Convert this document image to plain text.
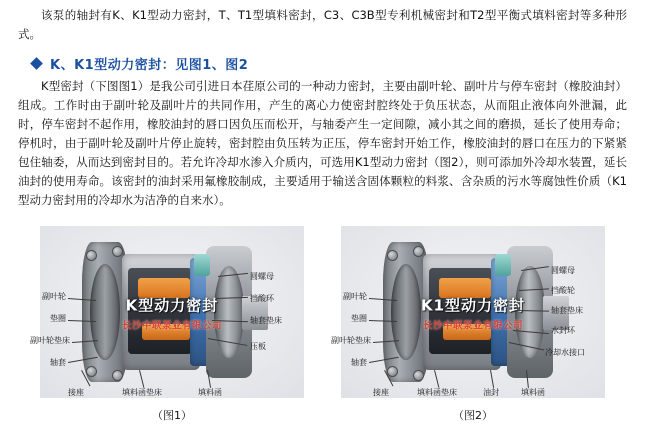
该泵的轴封有K、K1型动力密封，T、T1型填料密封，C3、C3B型专利机械密封和T2型平衡式填料密封等多种形式。

K、K1型动力密封：见图1、图2

K型密封（下图图1）是我公司引进日本荏原公司的一种动力密封，主要由副叶轮、副叶片与停车密封（橡胶油封）组成。工作时由于副叶轮及副叶片的共同作用，产生的离心力使密封腔终处于负压状态，从而阻止液体向外泄漏，此时，停车密封不起作用，橡胶油封的唇口因负压而松开，与轴委产生一定间隙，减小其之间的磨损，延长了使用寿命；停机时，由于副叶轮及副叶片停止旋转，密封腔由负压转为正压，停车密封开始工作，橡胶油封的唇口在压力的下紧紧包住轴委，从而达到密封目的。若允许冷却水渗入介质内，可选用K1型动力密封（图2），则可添加外冷却水装置，延长油封的使用寿命。该密封的油封采用氟橡胶制成，主要适用于输送含固体颗粒的料浆、含杂质的污水等腐蚀性价质（K1型动力密封用的冷却水为洁净的自来水）。

K型动力密封
长沙中联泵业有限公司
圆螺母
挡酸环
轴套垫床
压板
副叶轮
垫圈
副叶轮垫床
轴套
接座	填料函垫床	填料函
（图1）
K1型动力密封
长沙中联泵业有限公司
圆螺母
挡酸轮
轴套垫床
水封环
冷却水接口
副叶轮
垫圈
副叶轮垫床
轴套
接座	填料函垫床	油封	填料函
（图2）
